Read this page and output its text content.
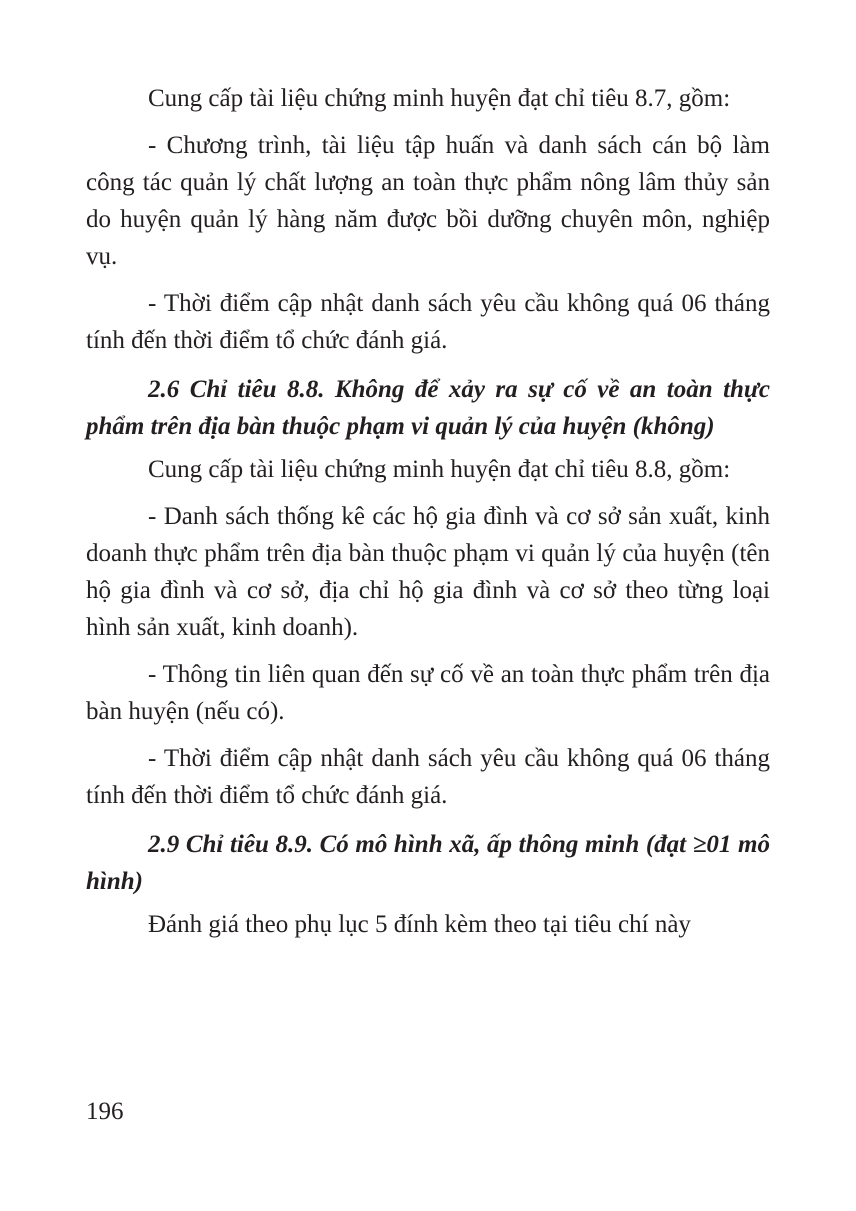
Cung cấp tài liệu chứng minh huyện đạt chỉ tiêu 8.7, gồm:

- Chương trình, tài liệu tập huấn và danh sách cán bộ làm công tác quản lý chất lượng an toàn thực phẩm nông lâm thủy sản do huyện quản lý hàng năm được bồi dưỡng chuyên môn, nghiệp vụ.

- Thời điểm cập nhật danh sách yêu cầu không quá 06 tháng tính đến thời điểm tổ chức đánh giá.

2.6 Chỉ tiêu 8.8. Không để xảy ra sự cố về an toàn thực phẩm trên địa bàn thuộc phạm vi quản lý của huyện (không)

Cung cấp tài liệu chứng minh huyện đạt chỉ tiêu 8.8, gồm:

- Danh sách thống kê các hộ gia đình và cơ sở sản xuất, kinh doanh thực phẩm trên địa bàn thuộc phạm vi quản lý của huyện (tên hộ gia đình và cơ sở, địa chỉ hộ gia đình và cơ sở theo từng loại hình sản xuất, kinh doanh).

- Thông tin liên quan đến sự cố về an toàn thực phẩm trên địa bàn huyện (nếu có).

- Thời điểm cập nhật danh sách yêu cầu không quá 06 tháng tính đến thời điểm tổ chức đánh giá.

2.9 Chỉ tiêu 8.9. Có mô hình xã, ấp thông minh (đạt ≥01 mô hình)

Đánh giá theo phụ lục 5 đính kèm theo tại tiêu chí này

196
